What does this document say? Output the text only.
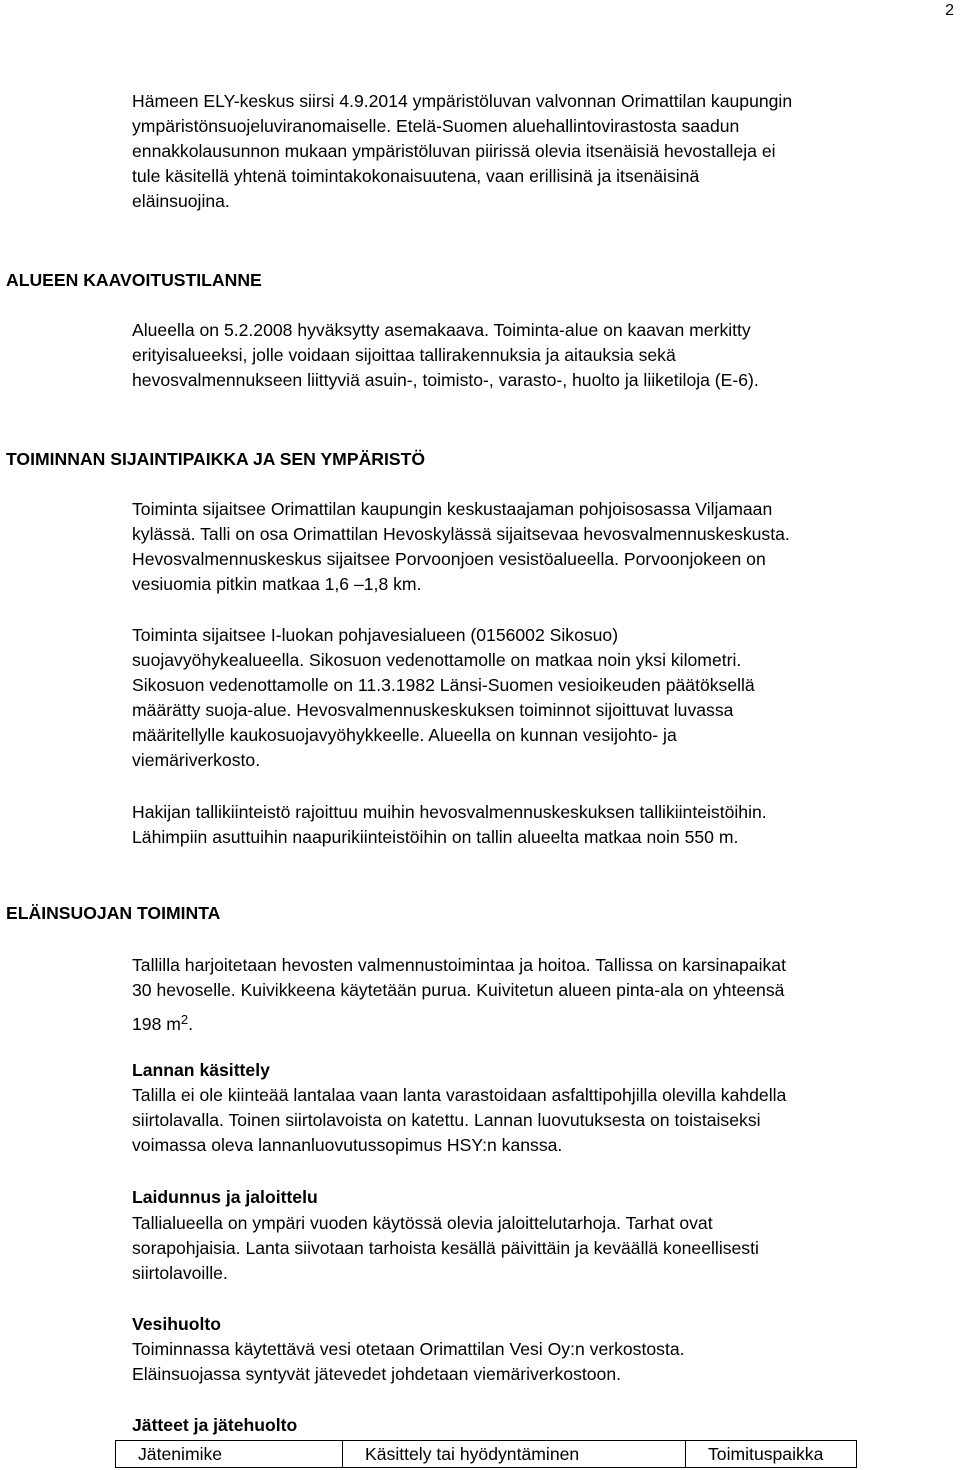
2

Hämeen ELY-keskus siirsi 4.9.2014 ympäristöluvan valvonnan Orimattilan kaupungin
ympäristönsuojeluviranomaiselle. Etelä-Suomen aluehallintovirastosta saadun
ennakkolausunnon mukaan ympäristöluvan piirissä olevia itsenäisiä hevostalleja ei
tule käsitellä yhtenä toimintakokonaisuutena, vaan erillisinä ja itsenäisinä
eläinsuojina.

ALUEEN KAAVOITUSTILANNE

Alueella on 5.2.2008 hyväksytty asemakaava. Toiminta-alue on kaavan merkitty
erityisalueeksi, jolle voidaan sijoittaa tallirakennuksia ja aitauksia sekä
hevosvalmennukseen liittyviä asuin-, toimisto-, varasto-, huolto ja liiketiloja (E-6).

TOIMINNAN SIJAINTIPAIKKA JA SEN YMPÄRISTÖ

Toiminta sijaitsee Orimattilan kaupungin keskustaajaman pohjoisosassa Viljamaan
kylässä. Talli on osa Orimattilan Hevoskylässä sijaitsevaa hevosvalmennuskeskusta.
Hevosvalmennuskeskus sijaitsee Porvoonjoen vesistöalueella. Porvoonjokeen on
vesiuomia pitkin matkaa 1,6 –1,8 km.

Toiminta sijaitsee I-luokan pohjavesialueen (0156002 Sikosuo)
suojavyöhykealueella. Sikosuon vedenottamolle on matkaa noin yksi kilometri.
Sikosuon vedenottamolle on 11.3.1982 Länsi-Suomen vesioikeuden päätöksellä
määrätty suoja-alue. Hevosvalmennuskeskuksen toiminnot sijoittuvat luvassa
määritellylle kaukosuojavyöhykkeelle. Alueella on kunnan vesijohto- ja
viemäriverkosto.

Hakijan tallikiinteistö rajoittuu muihin hevosvalmennuskeskuksen tallikiinteistöihin.
Lähimpiin asuttuihin naapurikiinteistöihin on tallin alueelta matkaa noin 550 m.

ELÄINSUOJAN TOIMINTA

Tallilla harjoitetaan hevosten valmennustoimintaa ja hoitoa. Tallissa on karsinapaikat
30 hevoselle. Kuivikkeena käytetään purua. Kuivitetun alueen pinta-ala on yhteensä

198 $m^2$.

Lannan käsittely

Talilla ei ole kiinteää lantalaa vaan lanta varastoidaan asfalttipohjilla olevilla kahdella
siirtolavalla. Toinen siirtolavoista on katettu. Lannan luovutuksesta on toistaiseksi
voimassa oleva lannanluovutussopimus HSY:n kanssa.

Laidunnus ja jaloittelu

Tallialueella on ympäri vuoden käytössä olevia jaloittelutarhoja. Tarhat ovat
sorapohjaisia. Lanta siivotaan tarhoista kesällä päivittäin ja keväällä koneellisesti
siirtolavoille.

Vesihuolto

Toiminnassa käytettävä vesi otetaan Orimattilan Vesi Oy:n verkostosta.
Eläinsuojassa syntyvät jätevedet johdetaan viemäriverkostoon.

Jätteet ja jätehuolto
Jätenimike	Käsittely tai hyödyntäminen	Toimituspaikka
